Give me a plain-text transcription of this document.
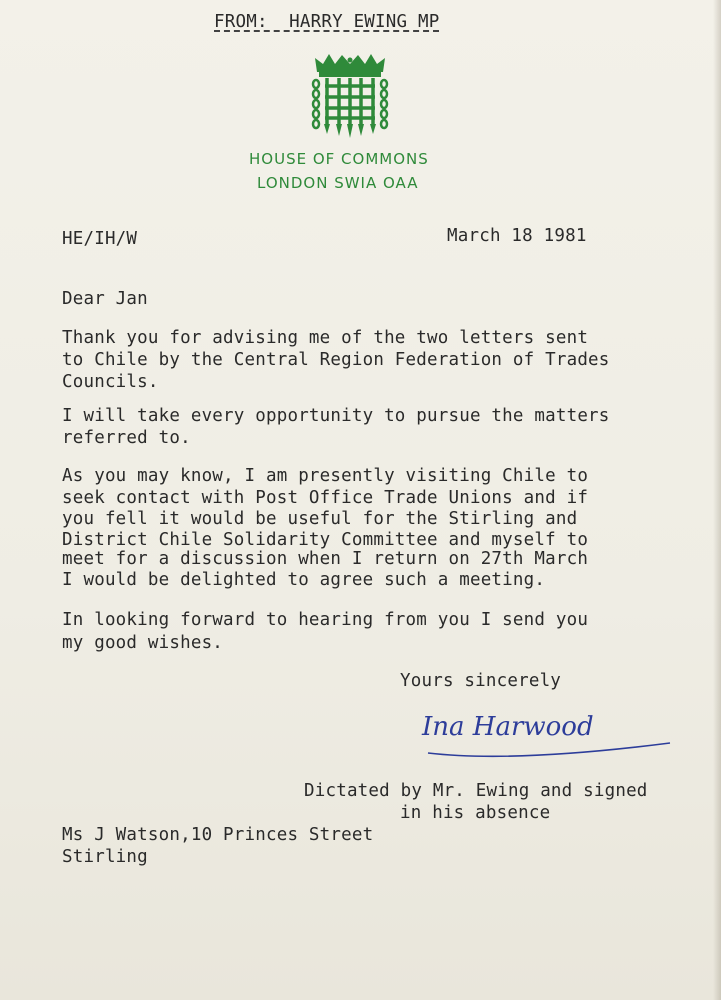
FROM:  HARRY EWING MP
HOUSE OF COMMONS
LONDON SWIA OAA
HE/IH/W	March 18 1981
Dear Jan
Thank you for advising me of the two letters sent
to Chile by the Central Region Federation of Trades
Councils.
I will take every opportunity to pursue the matters
referred to.
As you may know, I am presently visiting Chile to
seek contact with Post Office Trade Unions and if
you fell it would be useful for the Stirling and
District Chile Solidarity Committee and myself to
meet for a discussion when I return on 27th March
I would be delighted to agree such a meeting.
In looking forward to hearing from you I send you
my good wishes.
Yours sincerely
Ina Harwood
Dictated by Mr. Ewing and signed
in his absence
Ms J Watson,10 Princes Street
Stirling
